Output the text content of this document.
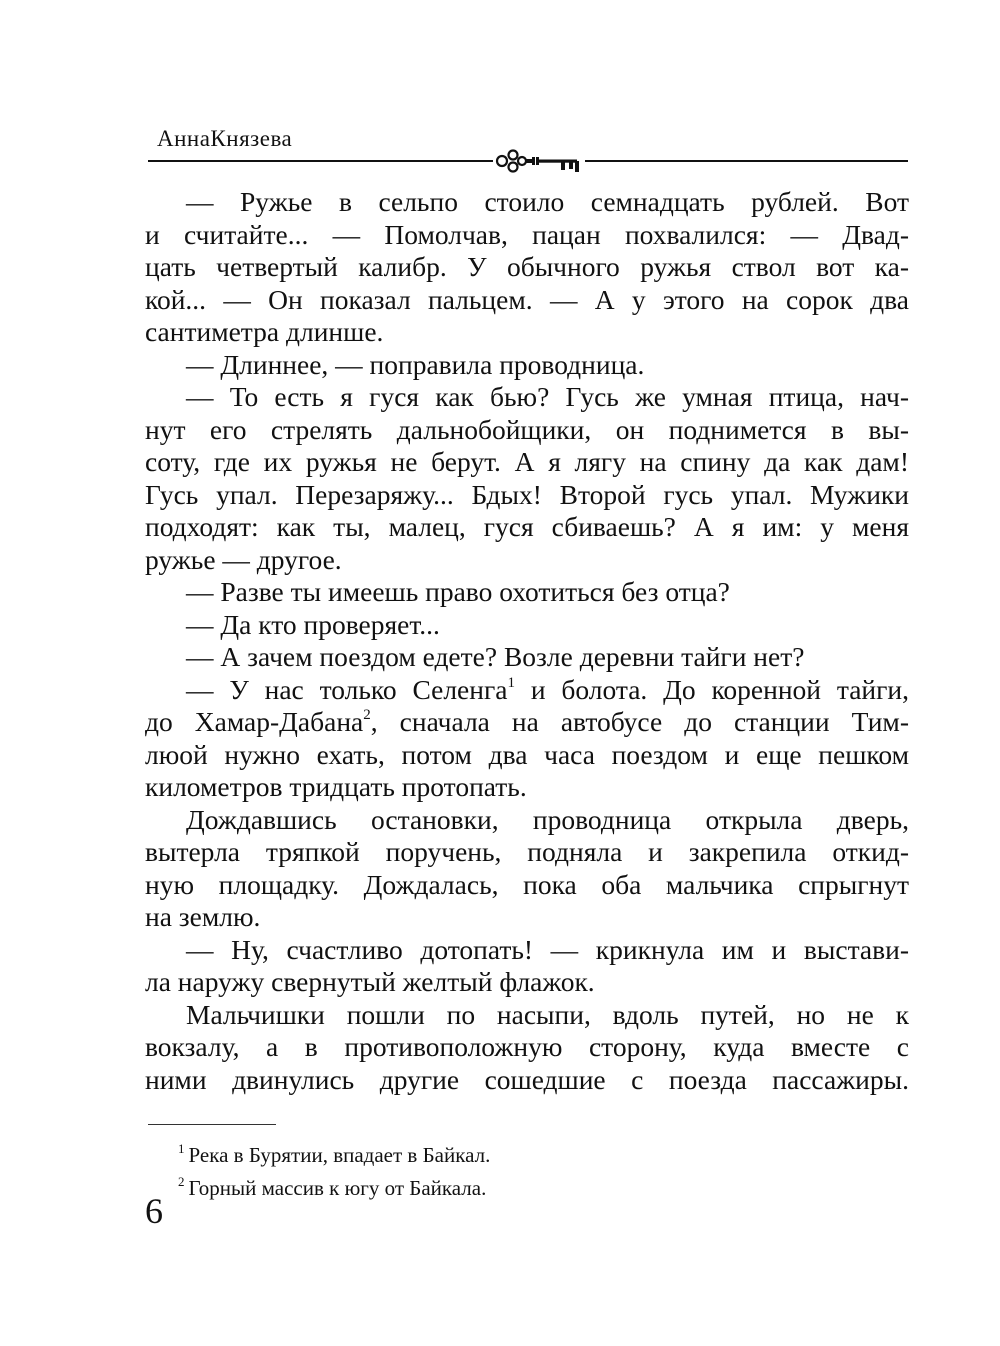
АннаКнязева
— Ружье в сельпо стоило семнадцать рублей. Вот
и считайте... — Помолчав, пацан похвалился: — Двад-
цать четвертый калибр. У обычного ружья ствол вот ка-
кой... — Он показал пальцем. — А у этого на сорок два
сантиметра длинше.
— Длиннее, — поправила проводница.
— То есть я гуся как бью? Гусь же умная птица, нач-
нут его стрелять дальнобойщики, он поднимется в вы-
соту, где их ружья не берут. А я лягу на спину да как дам!
Гусь упал. Перезаряжу... Бдых! Второй гусь упал. Мужики
подходят: как ты, малец, гуся сбиваешь? А я им: у меня
ружье — другое.
— Разве ты имеешь право охотиться без отца?
— Да кто проверяет...
— А зачем поездом едете? Возле деревни тайги нет?
— У нас только Селенга$^1$ и болота. До коренной тайги,
до Хамар-Дабана$^2$, сначала на автобусе до станции Тим-
люой нужно ехать, потом два часа поездом и еще пешком
километров тридцать протопать.
Дождавшись остановки, проводница открыла дверь,
вытерла тряпкой поручень, подняла и закрепила откид-
ную площадку. Дождалась, пока оба мальчика спрыгнут
на землю.
— Ну, счастливо дотопать! — крикнула им и выстави-
ла наружу свернутый желтый флажок.
Мальчишки пошли по насыпи, вдоль путей, но не к
вокзалу, а в противоположную сторону, куда вместе с
ними двинулись другие сошедшие с поезда пассажиры.
$^1$ Река в Бурятии, впадает в Байкал.
$^2$ Горный массив к югу от Байкала.
6
